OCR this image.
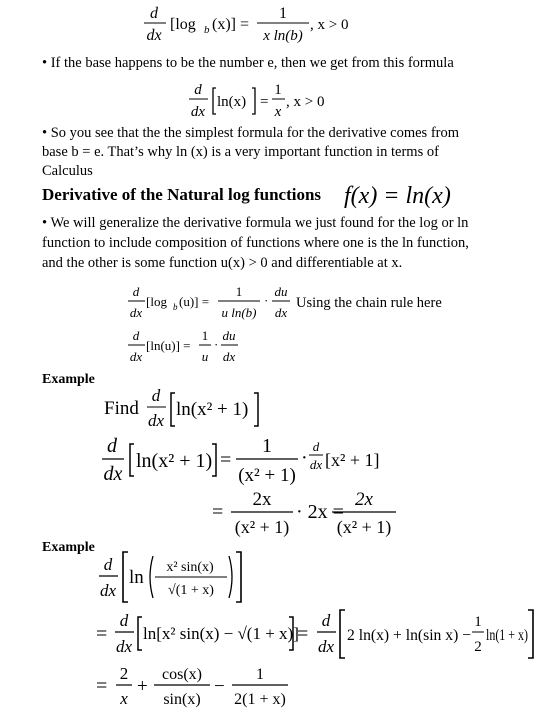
d
dx
[log b (x)] =
1
x ln(b)
, x > 0
• If the base happens to be the number e, then we get from this formula
d
dx
ln(x) =
1
x
, x > 0
• So you see that the the simplest formula for the derivative comes from
base b = e. That’s why ln (x) is a very important function in terms of
Calculus
Derivative of the Natural log functions f(x) = ln(x)
• We will generalize the derivative formula we just found for the log or ln
function to include composition of functions where one is the ln function,
and the other is some function u(x) > 0 and differentiable at x.
d
dx
[log b (u)] =
1
u ln(b)
·
du
dx
Using the chain rule here
d
dx
[ln(u)] =
1
u
·
du
dx
Example
Find
d
dx
ln(x² + 1)
d
dx
ln(x² + 1) =
1
(x² + 1)
·
d
dx [x² + 1]
=
2x
(x² + 1)
· 2x =
2x
(x² + 1)
Example
d
dx
ln x² sin(x)
√(1 + x)
=
d
dx
ln[x² sin(x) − √(1 + x)]
=
d
dx
2 ln(x) + ln(sin x) −
1
2
ln(1 + x)
=
2
x
+
cos(x)
sin(x)
−
1
2(1 + x)
